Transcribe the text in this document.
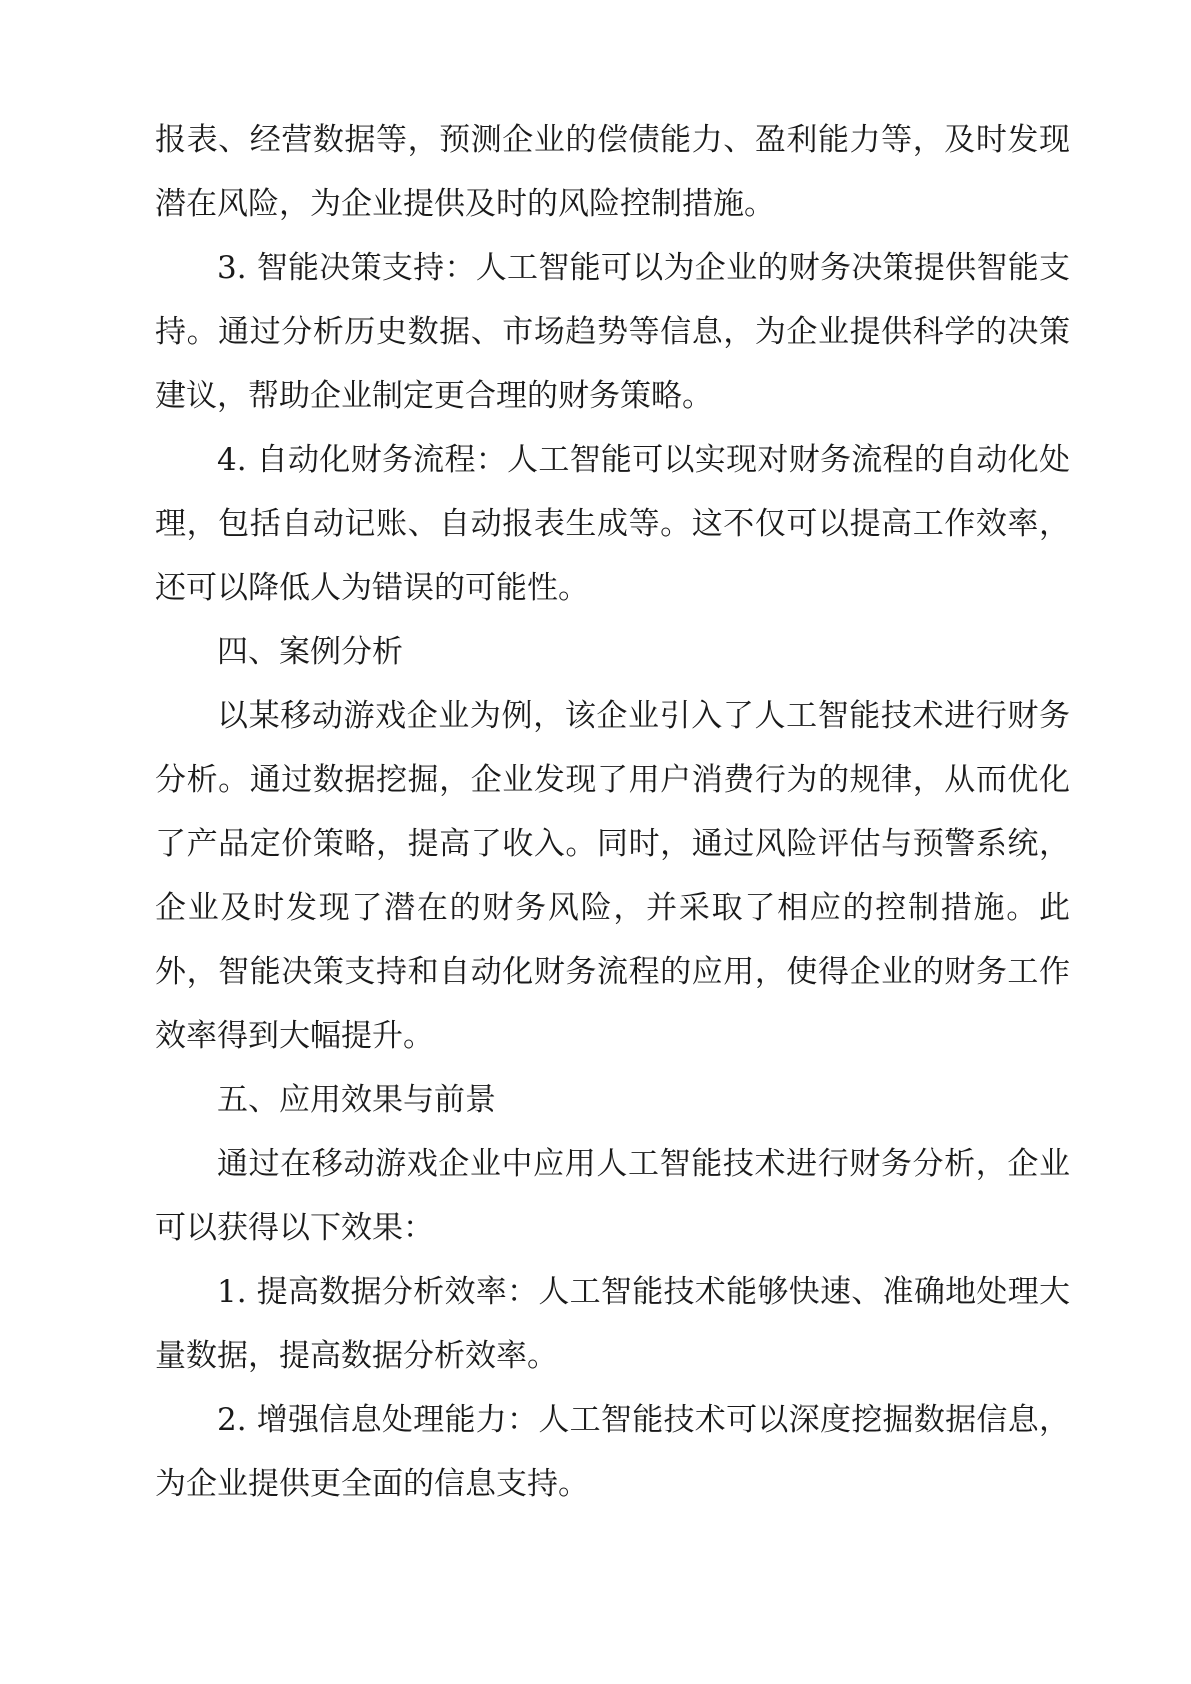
报表、经营数据等，预测企业的偿债能力、盈利能力等，及时发现潜在风险，为企业提供及时的风险控制措施。

3. 智能决策支持：人工智能可以为企业的财务决策提供智能支持。通过分析历史数据、市场趋势等信息，为企业提供科学的决策建议，帮助企业制定更合理的财务策略。

4. 自动化财务流程：人工智能可以实现对财务流程的自动化处理，包括自动记账、自动报表生成等。这不仅可以提高工作效率，还可以降低人为错误的可能性。

四、案例分析

以某移动游戏企业为例，该企业引入了人工智能技术进行财务分析。通过数据挖掘，企业发现了用户消费行为的规律，从而优化了产品定价策略，提高了收入。同时，通过风险评估与预警系统，企业及时发现了潜在的财务风险，并采取了相应的控制措施。此外，智能决策支持和自动化财务流程的应用，使得企业的财务工作效率得到大幅提升。

五、应用效果与前景

通过在移动游戏企业中应用人工智能技术进行财务分析，企业可以获得以下效果：

1. 提高数据分析效率：人工智能技术能够快速、准确地处理大量数据，提高数据分析效率。

2. 增强信息处理能力：人工智能技术可以深度挖掘数据信息，为企业提供更全面的信息支持。
